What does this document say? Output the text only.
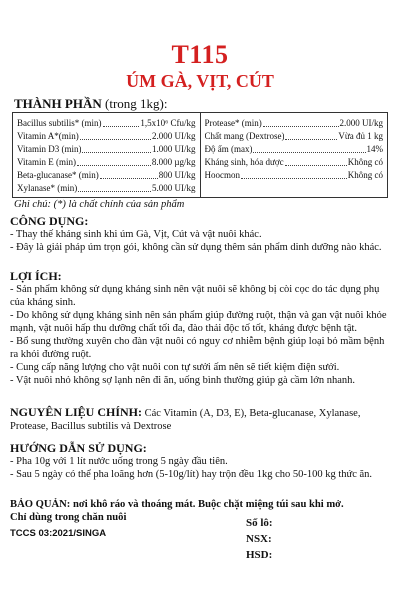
T115
ÚM GÀ, VỊT, CÚT
THÀNH PHẦN (trong 1kg):
Bacillus subtilis* (min)	1,5x10⁶ Cfu/kg
Vitamin A*(min)	2.000 UI/kg
Vitamin D3 (min)	1.000 UI/kg
Vitamin E (min)	8.000 µg/kg
Beta-glucanase* (min)	800 UI/kg
Xylanase* (min)	5.000 UI/kg
Protease* (min)	2.000 UI/kg
Chất mang (Dextrose)	Vừa đủ 1 kg
Độ ẩm (max)	14%
Kháng sinh, hóa dược	Không có
Hoocmon	Không có
Ghi chú: (*) là chất chính của sản phẩm
CÔNG DỤNG:

- Thay thế kháng sinh khi úm Gà, Vịt, Cút và vật nuôi khác.

- Đây là giải pháp úm trọn gói, không cần sử dụng thêm sản phẩm dinh dưỡng nào khác.

LỢI ÍCH:

- Sản phẩm không sử dụng kháng sinh nên vật nuôi sẽ không bị còi cọc do tác dụng phụ của kháng sinh.

- Do không sử dụng kháng sinh nên sản phẩm giúp đường ruột, thận và gan vật nuôi khỏe mạnh, vật nuôi hấp thu dưỡng chất tối đa, đào thải độc tố tốt, kháng được bệnh tật.

- Bổ sung thường xuyên cho đàn vật nuôi có nguy cơ nhiễm bệnh giúp loại bỏ mầm bệnh ra khỏi đường ruột.

- Cung cấp năng lượng cho vật nuôi con tự sưởi ấm nên sẽ tiết kiệm điện sưởi.

- Vật nuôi nhỏ không sợ lạnh nên đi ăn, uống bình thường giúp gà cầm lớn nhanh.

NGUYÊN LIỆU CHÍNH: Các Vitamin (A, D3, E), Beta-glucanase, Xylanase, Protease, Bacillus subtilis và Dextrose

HƯỚNG DẪN SỬ DỤNG:

- Pha 10g với 1 lít nước uống trong 5 ngày đầu tiên.

- Sau 5 ngày có thể pha loãng hơn (5-10g/lít) hay trộn đều 1kg cho 50-100 kg thức ăn.

BẢO QUẢN: nơi khô ráo và thoáng mát. Buộc chặt miệng túi sau khi mở.
Chỉ dùng trong chăn nuôi
TCCS 03:2021/SINGA
Số lô:
NSX:
HSD:
